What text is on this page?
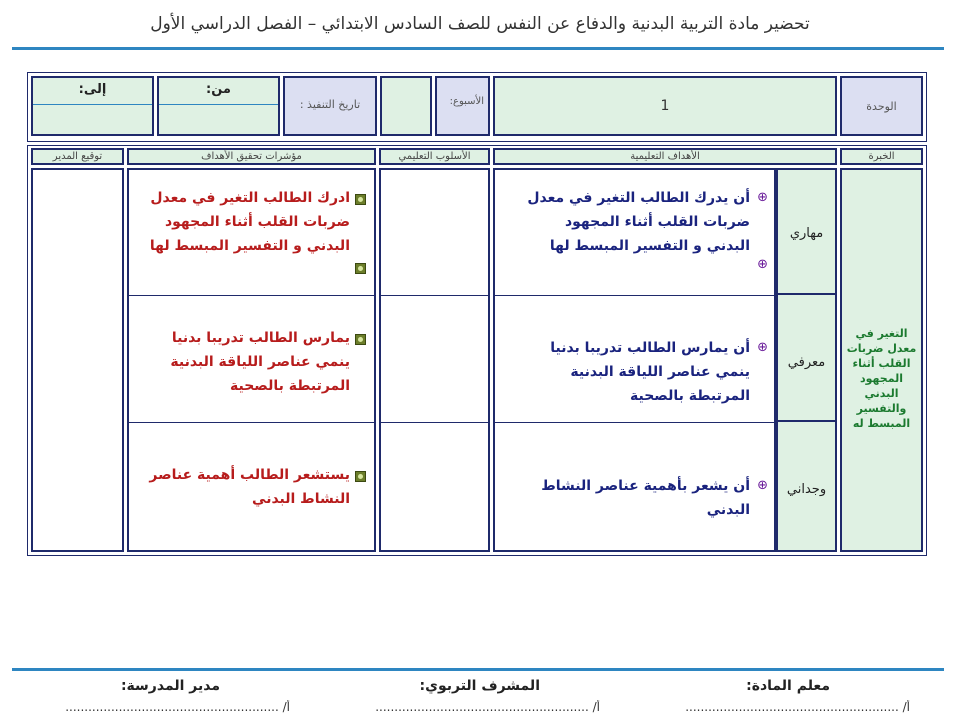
تحضير مادة التربية البدنية والدفاع عن النفس للصف السادس الابتدائي – الفصل الدراسي الأول
الوحدة
1
الأسبوع:
تاريخ التنفيذ :
من:
إلى:
الخبرة
الأهداف التعليمية
الأسلوب التعليمي
مؤشرات تحقيق الأهداف
توقيع المدير
التغير في معدل ضربات القلب أثناء المجهود البدني والتفسير المبسط له
مهاري
معرفي
وجداني
⊕
أن يدرك الطالب التغير في معدل ضربات القلب أثناء المجهود البدني و التفسير المبسط لها
⊕
⊕
أن يمارس الطالب تدريبا بدنيا ينمي عناصر اللياقة البدنية المرتبطة بالصحية
⊕
أن يشعر بأهمية عناصر النشاط البدني
ادرك الطالب التغير في معدل ضربات القلب أثناء المجهود البدني و التفسير المبسط لها
يمارس الطالب تدريبا بدنيا ينمي عناصر اللياقة البدنية المرتبطة بالصحية
يستشعر الطالب أهمية عناصر النشاط البدني
معلم المادة:
المشرف التربوي:
مدير المدرسة:
أ/ ........................................................
أ/ ........................................................
أ/ ........................................................
